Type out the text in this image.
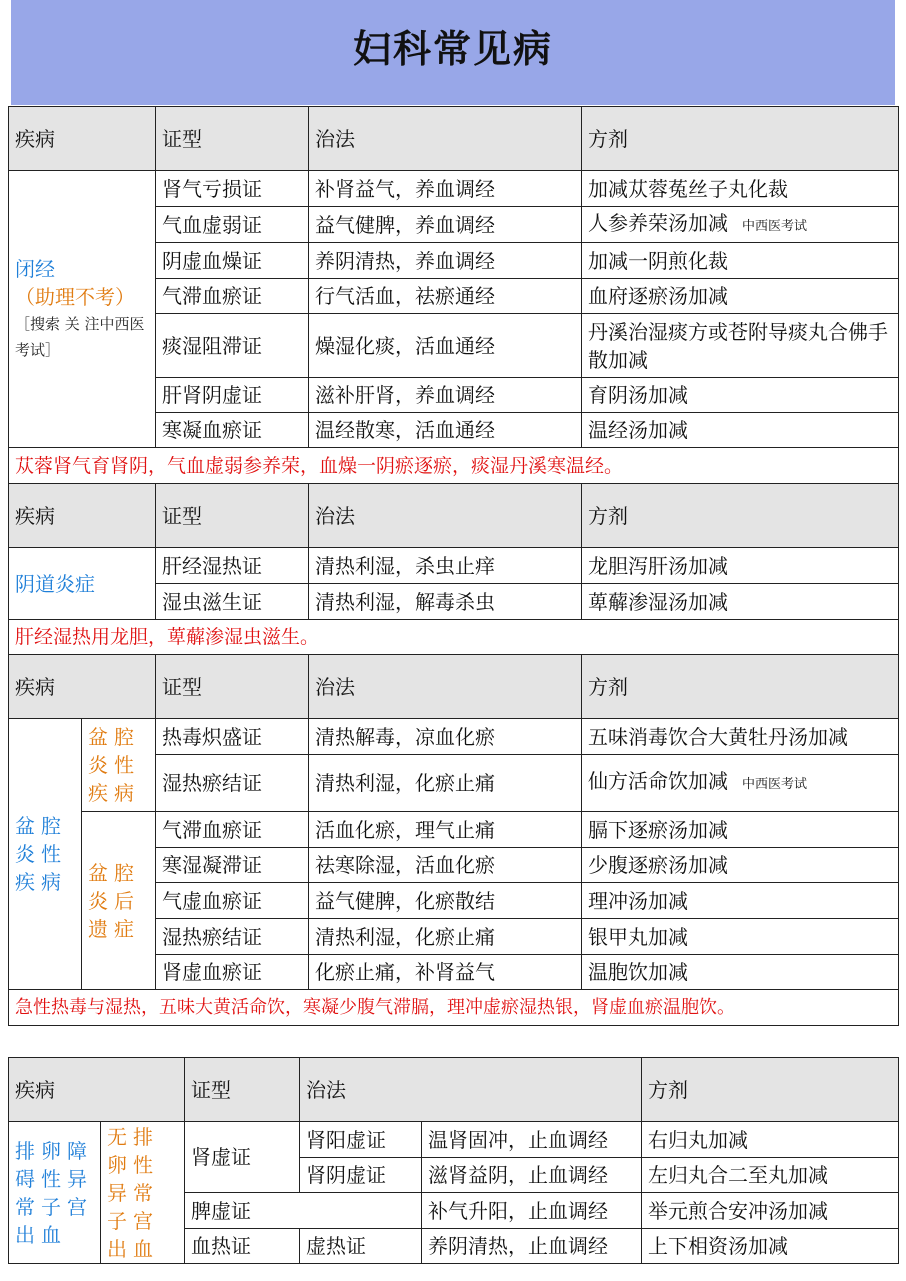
妇科常见病
疾病		证型	治法	方剂

闭经
（助理不考）
［搜索 关 注中西医考试］		肾气亏损证	补肾益气，养血调经	加减苁蓉菟丝子丸化裁
		气血虚弱证	益气健脾，养血调经	人参养荣汤加减 中西医考试
		阴虚血燥证	养阴清热，养血调经	加减一阴煎化裁
		气滞血瘀证	行气活血，祛瘀通经	血府逐瘀汤加减
		痰湿阻滞证	燥湿化痰，活血通经	丹溪治湿痰方或苍附导痰丸合佛手散加减
		肝肾阴虚证	滋补肝肾，养血调经	育阴汤加减
		寒凝血瘀证	温经散寒，活血通经	温经汤加减
苁蓉肾气育肾阴，气血虚弱参养荣，血燥一阴瘀逐瘀，痰湿丹溪寒温经。				
疾病		证型	治法	方剂
阴道炎症		肝经湿热证	清热利湿，杀虫止痒	龙胆泻肝汤加减
		湿虫滋生证	清热利湿，解毒杀虫	萆薢渗湿汤加减
肝经湿热用龙胆，萆薢渗湿虫滋生。				
疾病		证型	治法	方剂
盆腔炎性疾病	盆腔炎性疾病	热毒炽盛证	清热解毒，凉血化瘀	五味消毒饮合大黄牡丹汤加减
		湿热瘀结证	清热利湿，化瘀止痛	仙方活命饮加减 中西医考试
	盆腔炎后遗症	气滞血瘀证	活血化瘀，理气止痛	膈下逐瘀汤加减
		寒湿凝滞证	祛寒除湿，活血化瘀	少腹逐瘀汤加减
		气虚血瘀证	益气健脾，化瘀散结	理冲汤加减
		湿热瘀结证	清热利湿，化瘀止痛	银甲丸加减
		肾虚血瘀证	化瘀止痛，补肾益气	温胞饮加减
急性热毒与湿热，五味大黄活命饮，寒凝少腹气滞膈，理冲虚瘀湿热银，肾虚血瘀温胞饮。				
疾病		证型	治法		方剂
排卵障碍性异常子宫出血	无排卵性异常子宫出血	肾虚证	肾阳虚证	温肾固冲，止血调经	右归丸加减
			肾阴虚证	滋肾益阴，止血调经	左归丸合二至丸加减
		脾虚证		补气升阳，止血调经	举元煎合安冲汤加减
		血热证	虚热证	养阴清热，止血调经	上下相资汤加减
